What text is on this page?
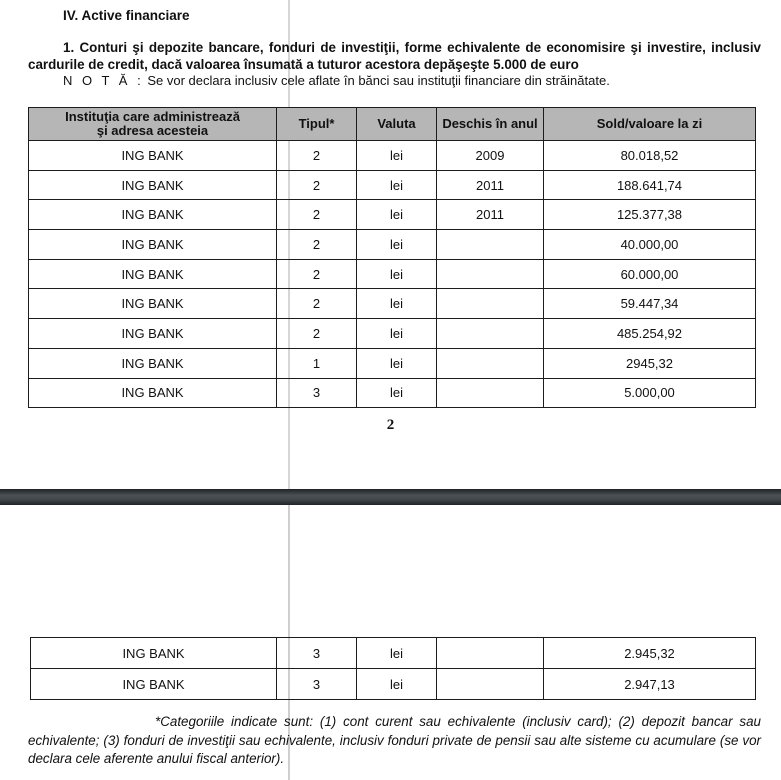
IV. Active financiare
1. Conturi şi depozite bancare, fonduri de investiţii, forme echivalente de economisire şi investire, inclusiv cardurile de credit, dacă valoarea însumată a tuturor acestora depăşeşte 5.000 de euro
N O T Ă : Se vor declara inclusiv cele aflate în bănci sau instituţii financiare din străinătate.
Instituţia care administrează
şi adresa acesteia	Tipul*	Valuta	Deschis în anul	Sold/valoare la zi
ING BANK	2	lei	2009	80.018,52
ING BANK	2	lei	2011	188.641,74
ING BANK	2	lei	2011	125.377,38
ING BANK	2	lei		40.000,00
ING BANK	2	lei		60.000,00
ING BANK	2	lei		59.447,34
ING BANK	2	lei		485.254,92
ING BANK	1	lei		2945,32
ING BANK	3	lei		5.000,00
2
ING BANK	3	lei		2.945,32
ING BANK	3	lei		2.947,13
*Categoriile indicate sunt: (1) cont curent sau echivalente (inclusiv card); (2) depozit bancar sau echivalente; (3) fonduri de investiţii sau echivalente, inclusiv fonduri private de pensii sau alte sisteme cu acumulare (se vor declara cele aferente anului fiscal anterior).
